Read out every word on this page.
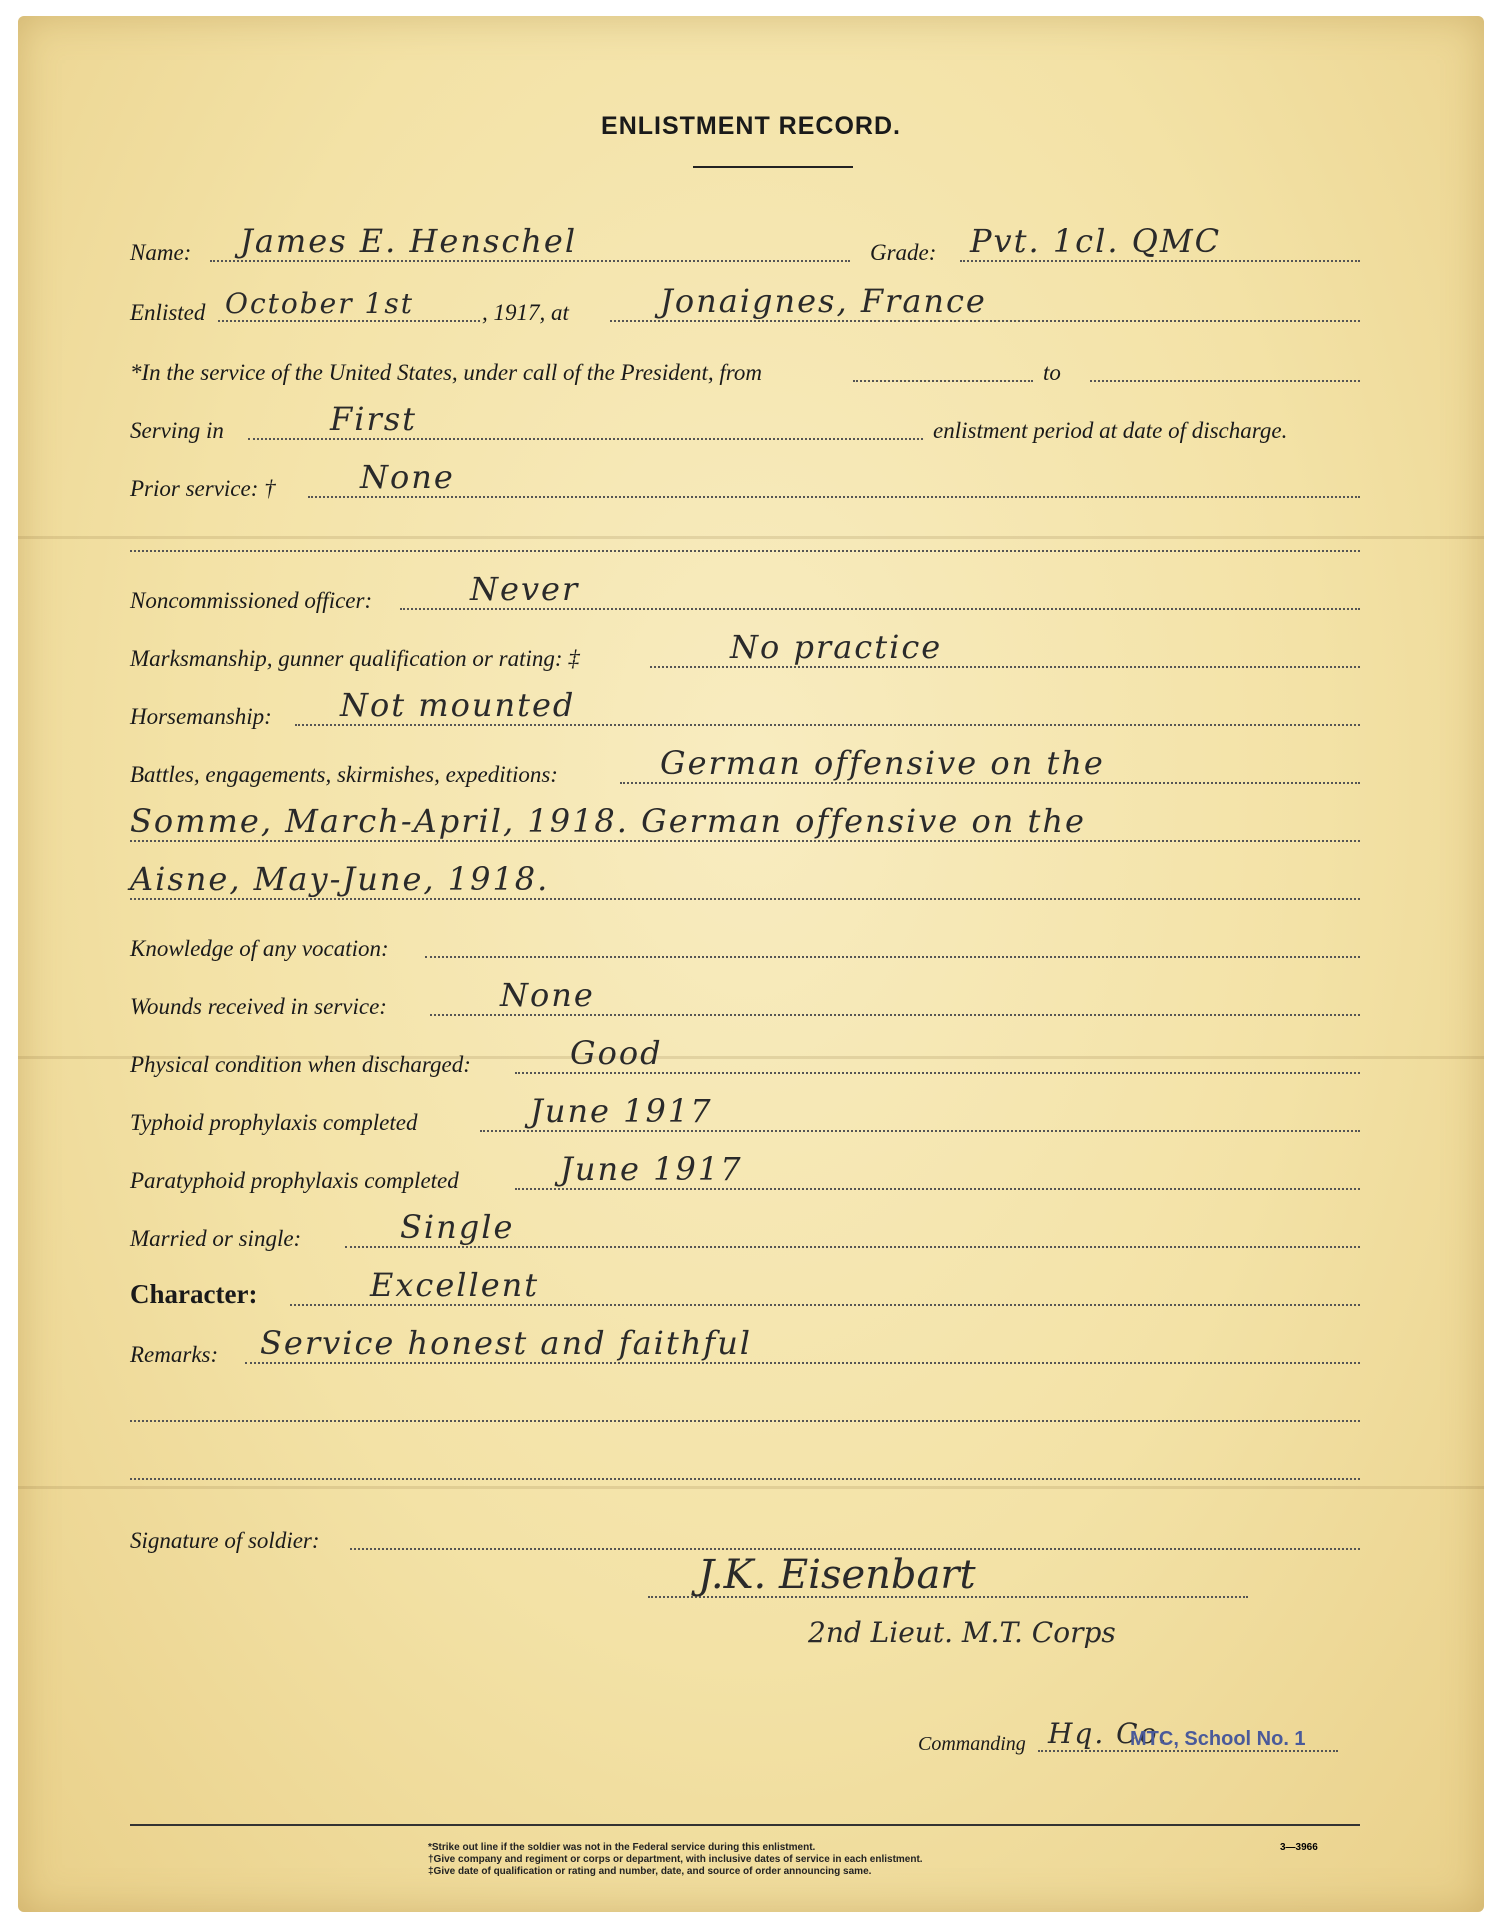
ENLISTMENT RECORD.
Name: James E. Henschel	Grade: Pvt. 1cl. QMC
Enlisted October 1st	, 1917, at	Jonaignes, France
*In the service of the United States, under call of the President, from	to
Serving in	First	enlistment period at date of discharge.
Prior service: †	None
Noncommissioned officer:	Never
Marksmanship, gunner qualification or rating: ‡	No practice
Horsemanship: Not mounted
Battles, engagements, skirmishes, expeditions:	German offensive on the
Somme, March-April, 1918. German offensive on the
Aisne, May-June, 1918.
Knowledge of any vocation:
Wounds received in service:	None
Physical condition when discharged:	Good
Typhoid prophylaxis completed	June 1917
Paratyphoid prophylaxis completed	June 1917
Married or single:	Single
Character:	Excellent
Remarks: Service honest and faithful
Signature of soldier:
J.K. Eisenbart
2nd Lieut. M.T. Corps
Commanding Hq. Co.
MTC, School No. 1
*Strike out line if the soldier was not in the Federal service during this enlistment.
†Give company and regiment or corps or department, with inclusive dates of service in each enlistment.
‡Give date of qualification or rating and number, date, and source of order announcing same.
3—3966
